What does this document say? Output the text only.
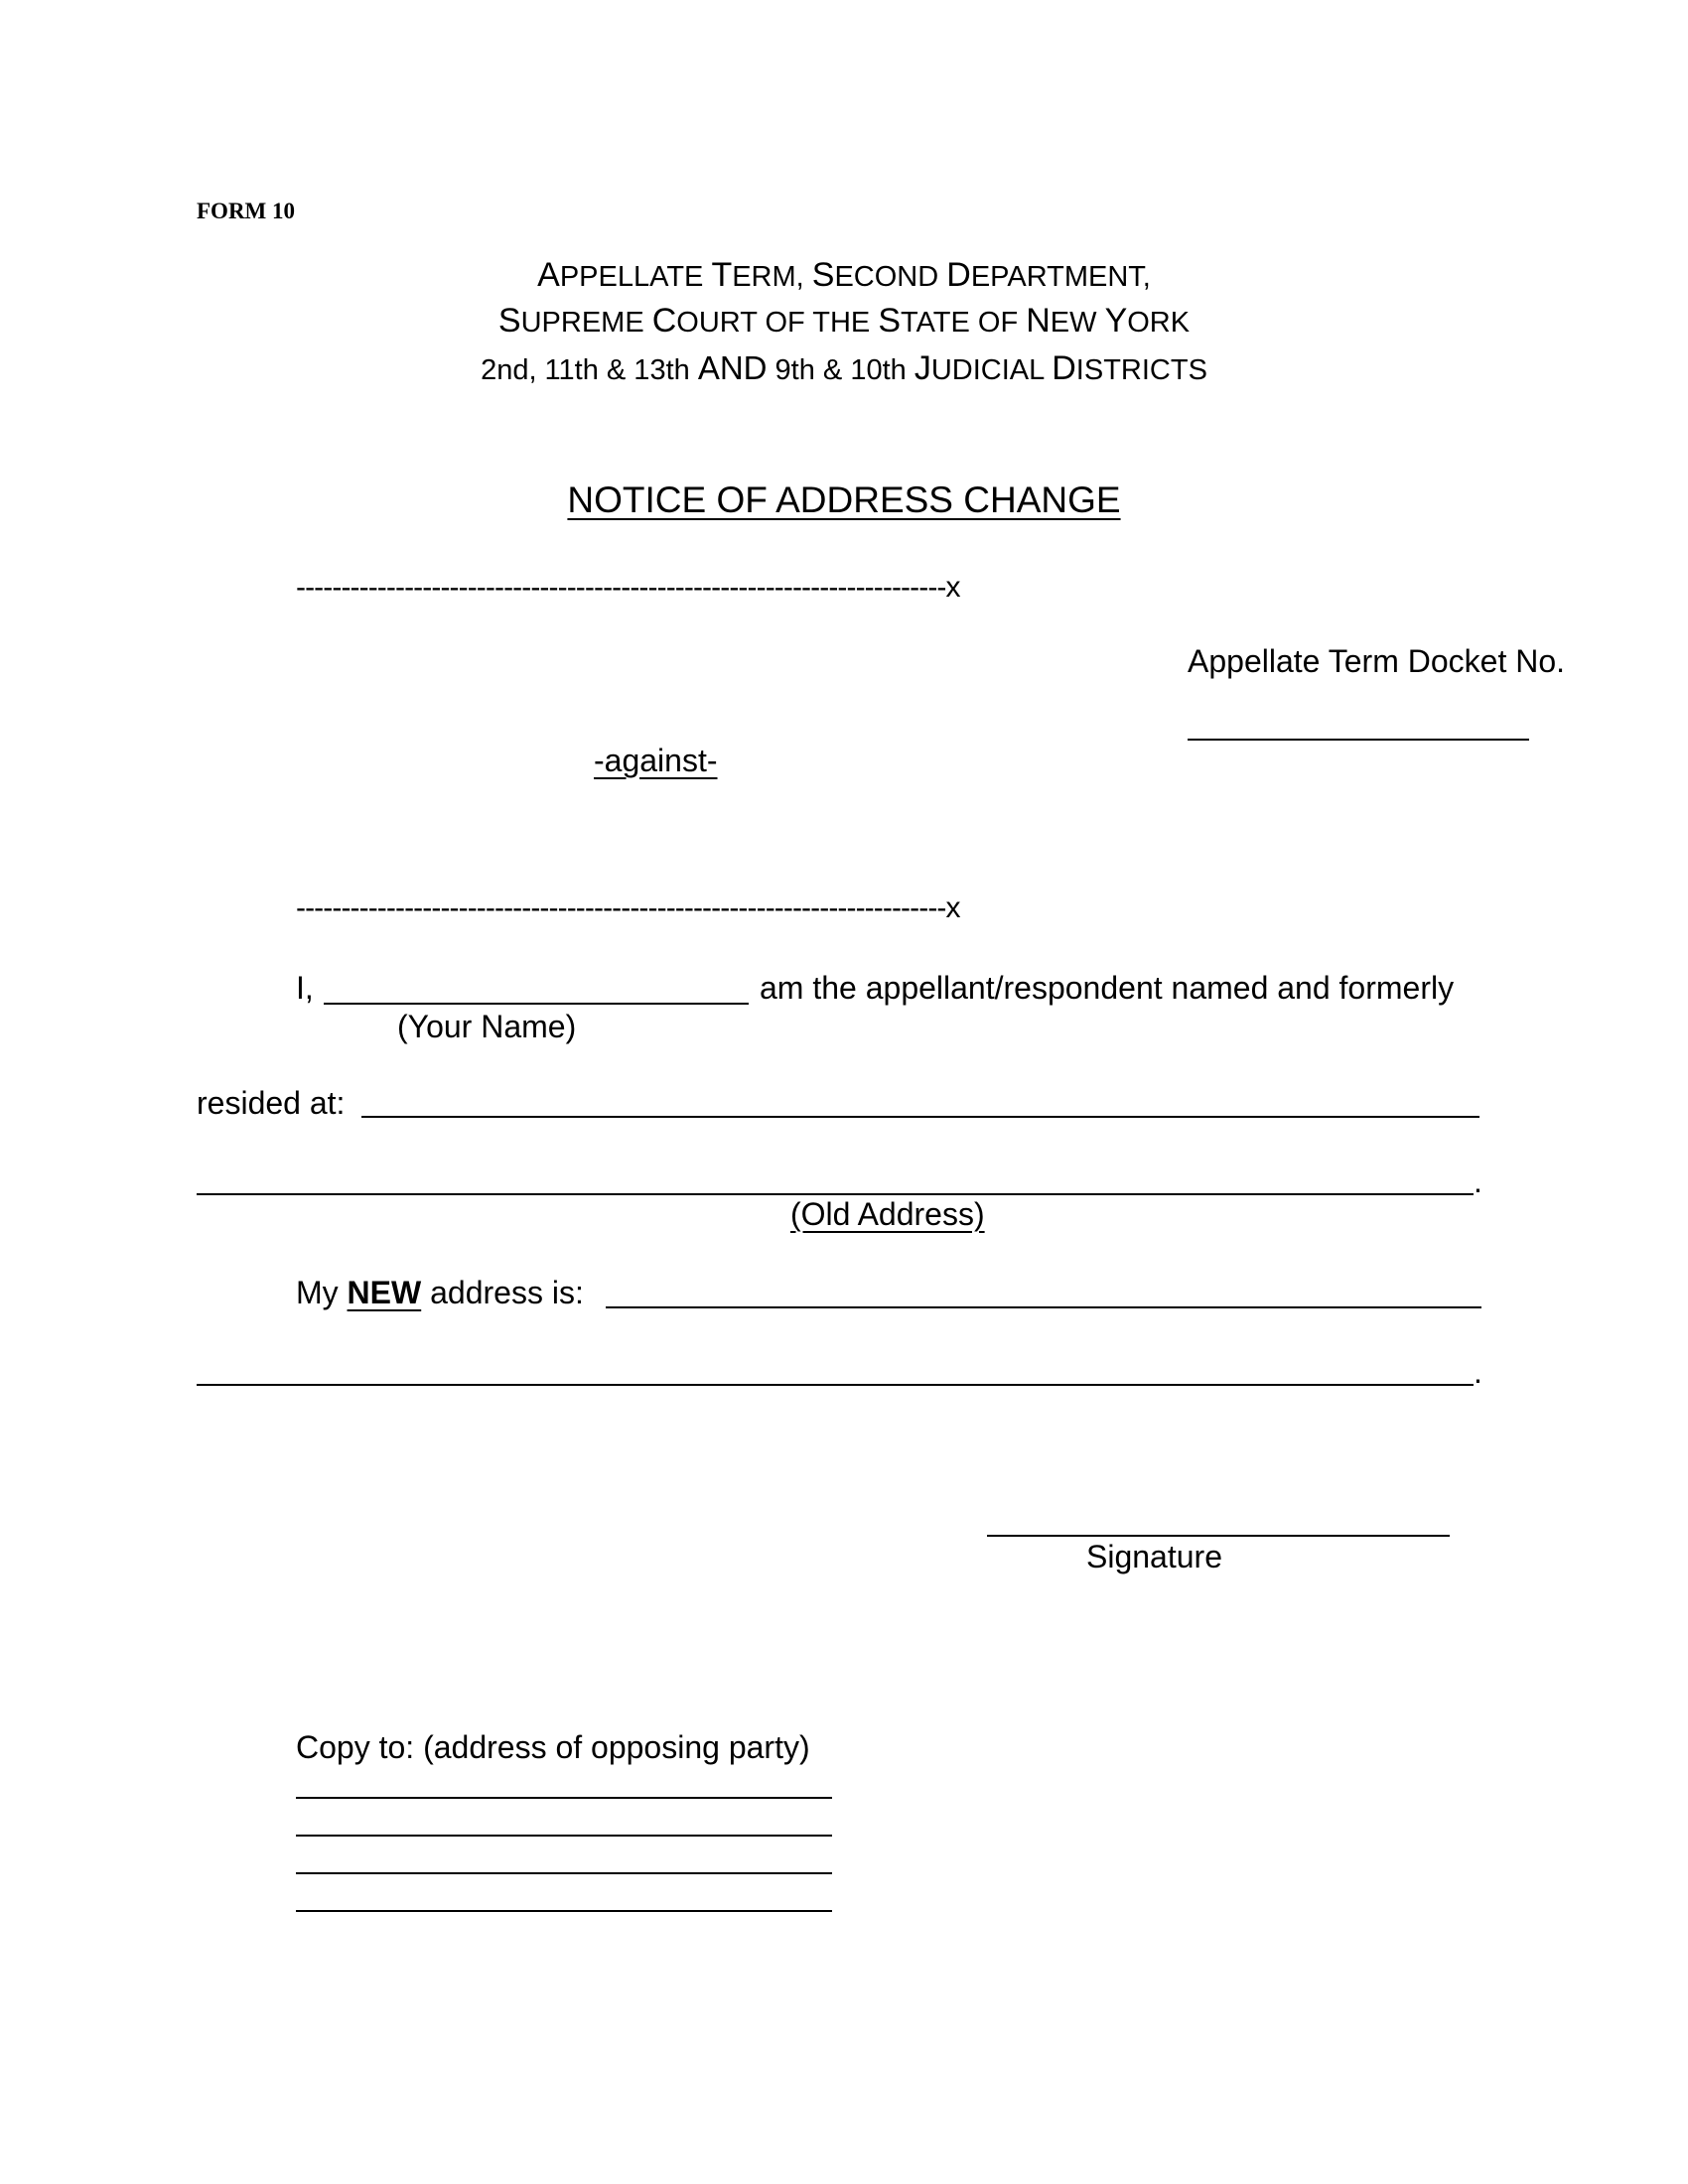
FORM 10
APPELLATE TERM, SECOND DEPARTMENT,
SUPREME COURT OF THE STATE OF NEW YORK
2nd, 11th & 13th AND 9th & 10th JUDICIAL DISTRICTS
NOTICE OF ADDRESS CHANGE
------------------------------------------------------------------------x
Appellate Term Docket No.
-against-
------------------------------------------------------------------------x
I,	am the appellant/respondent named and formerly
(Your Name)
resided at:
.
(Old Address)
My NEW address is:
.
Signature
Copy to: (address of opposing party)
